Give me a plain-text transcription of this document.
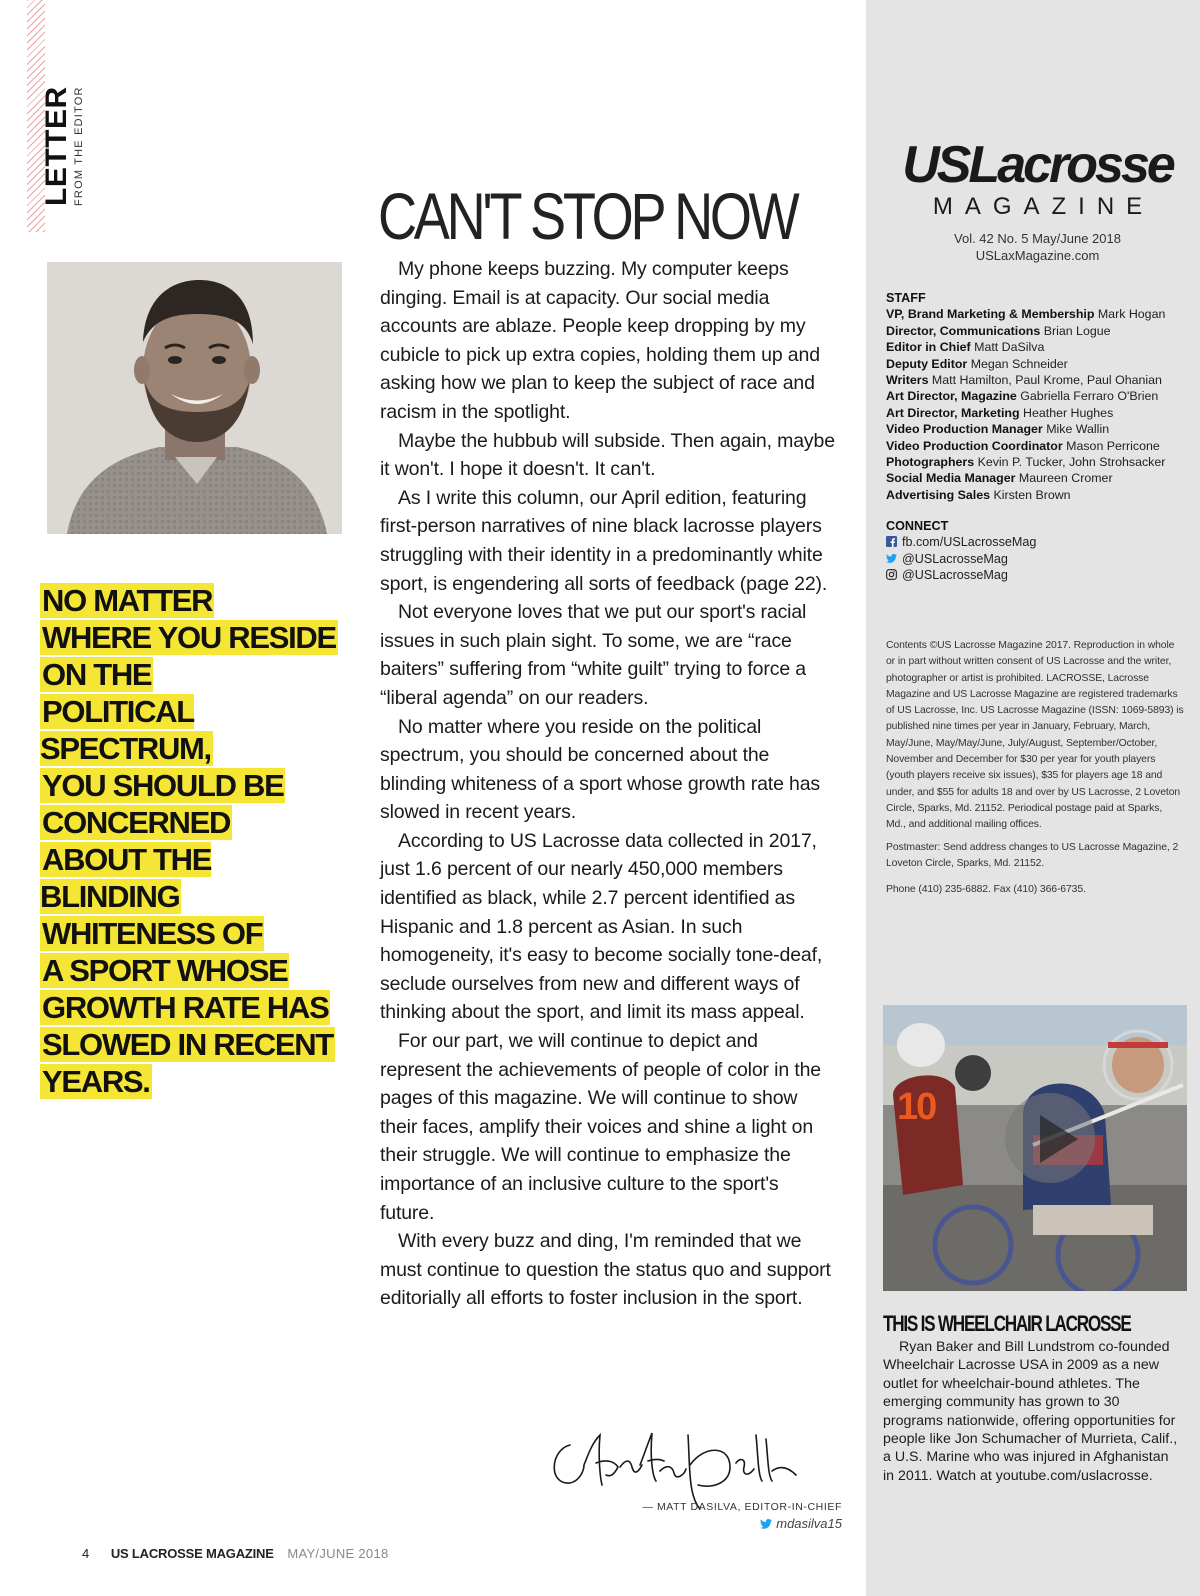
LETTER FROM THE EDITOR

NO MATTER
WHERE YOU RESIDE
ON THE
POLITICAL SPECTRUM,
YOU SHOULD BE
CONCERNED
ABOUT THE BLINDING
WHITENESS OF
A SPORT WHOSE
GROWTH RATE HAS
SLOWED IN RECENT
YEARS.

CAN'T STOP NOW

My phone keeps buzzing. My computer keeps dinging. Email is at capacity. Our social media accounts are ablaze. People keep dropping by my cubicle to pick up extra copies, holding them up and asking how we plan to keep the subject of race and racism in the spotlight.

Maybe the hubbub will subside. Then again, maybe it won't. I hope it doesn't. It can't.

As I write this column, our April edition, featuring first-person narratives of nine black lacrosse players struggling with their identity in a predominantly white sport, is engendering all sorts of feedback (page 22).

Not everyone loves that we put our sport's racial issues in such plain sight. To some, we are “race baiters” suffering from “white guilt” trying to force a “liberal agenda” on our readers.

No matter where you reside on the political spectrum, you should be concerned about the blinding whiteness of a sport whose growth rate has slowed in recent years.

According to US Lacrosse data collected in 2017, just 1.6 percent of our nearly 450,000 members identified as black, while 2.7 percent identified as Hispanic and 1.8 percent as Asian. In such homogeneity, it's easy to become socially tone-deaf, seclude ourselves from new and different ways of thinking about the sport, and limit its mass appeal.

For our part, we will continue to depict and represent the achievements of people of color in the pages of this magazine. We will continue to show their faces, amplify their voices and shine a light on their struggle. We will continue to emphasize the importance of an inclusive culture to the sport's future.

With every buzz and ding, I'm reminded that we must continue to question the status quo and support editorially all efforts to foster inclusion in the sport.

— MATT DASILVA, EDITOR-IN-CHIEF
mdasilva15
4 US LACROSSE MAGAZINE MAY/JUNE 2018
USLacrosse
MAGAZINE
Vol. 42 No. 5 May/June 2018
USLaxMagazine.com
STAFF
VP, Brand Marketing & Membership Mark Hogan
Director, Communications Brian Logue
Editor in Chief Matt DaSilva
Deputy Editor Megan Schneider
Writers Matt Hamilton, Paul Krome, Paul Ohanian
Art Director, Magazine Gabriella Ferraro O'Brien
Art Director, Marketing Heather Hughes
Video Production Manager Mike Wallin
Video Production Coordinator Mason Perricone
Photographers Kevin P. Tucker, John Strohsacker
Social Media Manager Maureen Cromer
Advertising Sales Kirsten Brown
CONNECT
fb.com/USLacrosseMag
@USLacrosseMag
@USLacrosseMag

Contents ©US Lacrosse Magazine 2017. Reproduction in whole or in part without written consent of US Lacrosse and the writer, photographer or artist is prohibited. LACROSSE, Lacrosse Magazine and US Lacrosse Magazine are registered trademarks of US Lacrosse, Inc. US Lacrosse Magazine (ISSN: 1069-5893) is published nine times per year in January, February, March, May/June, May/May/June, July/August, September/October, November and December for $30 per year for youth players (youth players receive six issues), $35 for players age 18 and under, and $55 for adults 18 and over by US Lacrosse, 2 Loveton Circle, Sparks, Md. 21152. Periodical postage paid at Sparks, Md., and additional mailing offices.

Postmaster: Send address changes to US Lacrosse Magazine, 2 Loveton Circle, Sparks, Md. 21152.

Phone (410) 235-6882. Fax (410) 366-6735.

10
THIS IS WHEELCHAIR LACROSSE

Ryan Baker and Bill Lundstrom co-founded Wheelchair Lacrosse USA in 2009 as a new outlet for wheelchair-bound athletes. The emerging community has grown to 30 programs nationwide, offering opportunities for people like Jon Schumacher of Murrieta, Calif., a U.S. Marine who was injured in Afghanistan in 2011. Watch at youtube.com/uslacrosse.
